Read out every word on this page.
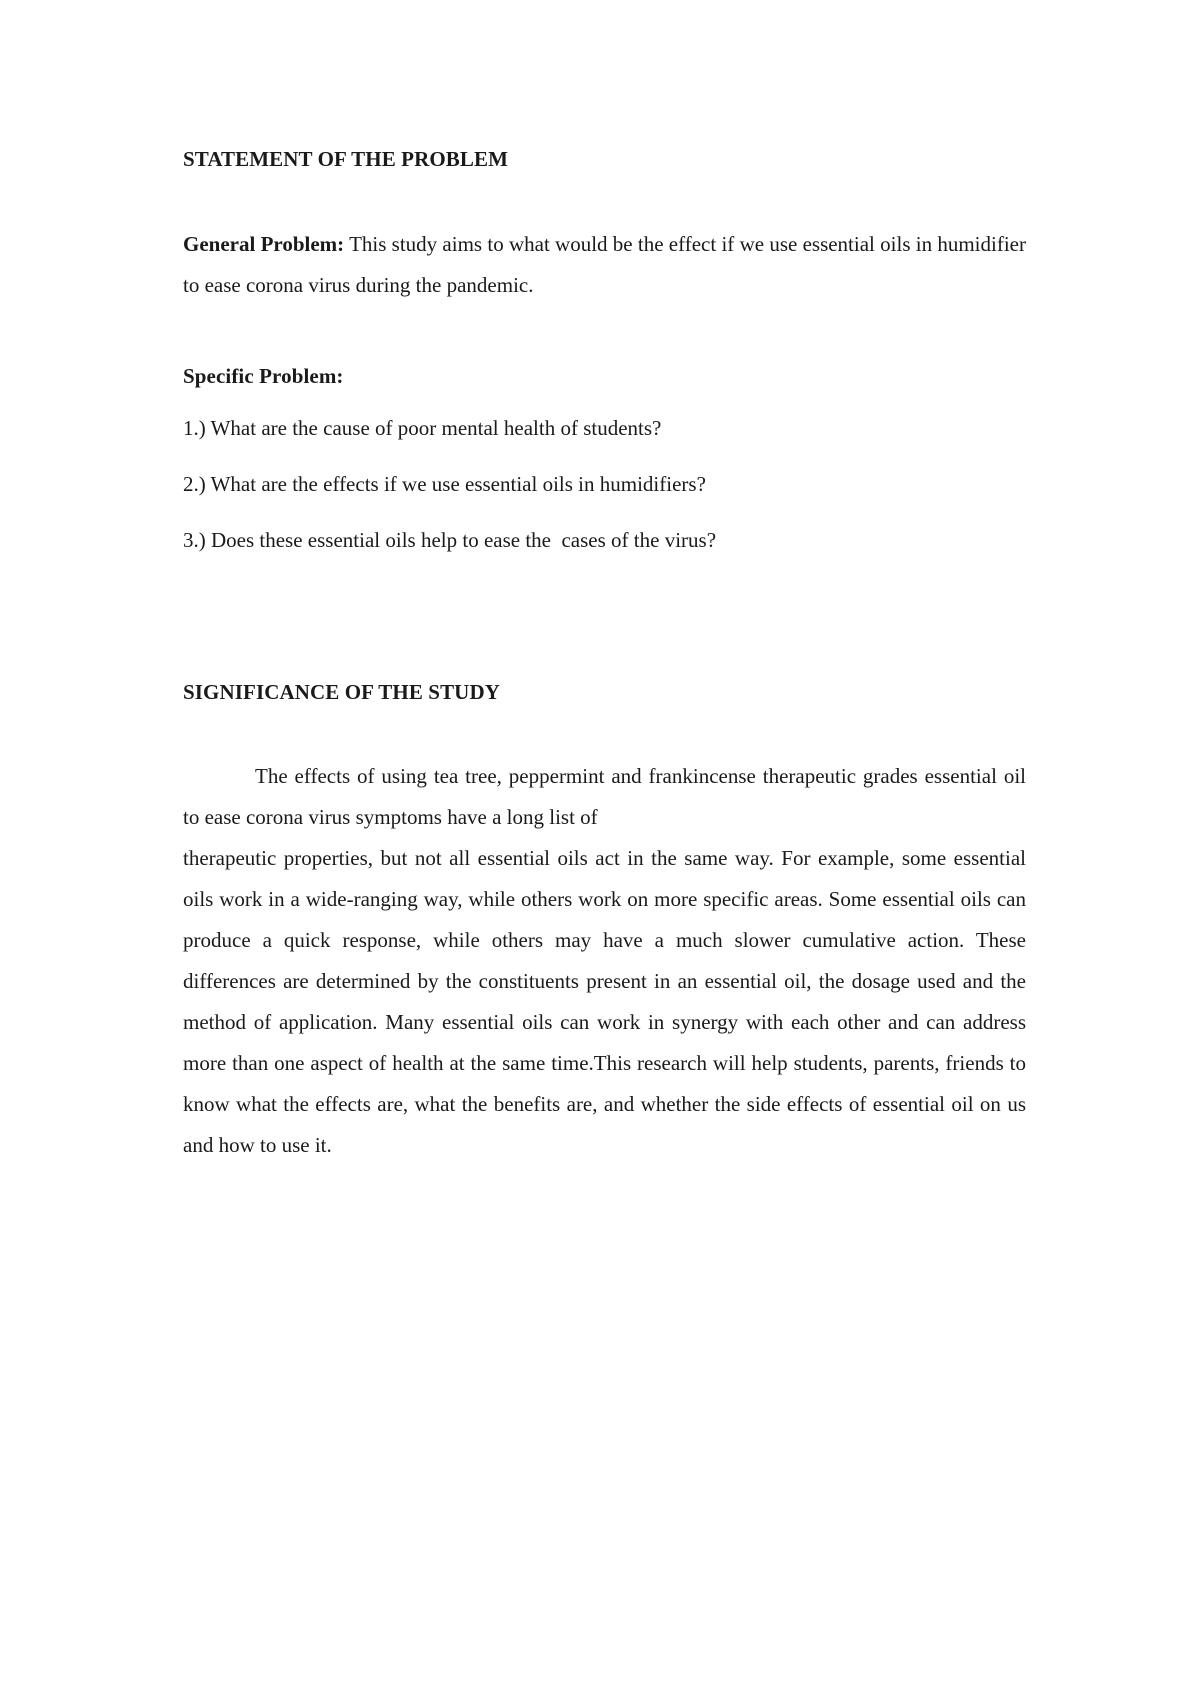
STATEMENT OF THE PROBLEM

General Problem: This study aims to what would be the effect if we use essential oils in humidifier to ease corona virus during the pandemic.

Specific Problem:

1.) What are the cause of poor mental health of students?

2.) What are the effects if we use essential oils in humidifiers?

3.) Does these essential oils help to ease the  cases of the virus?

SIGNIFICANCE OF THE STUDY

The effects of using tea tree, peppermint and frankincense therapeutic grades essential oil to ease corona virus symptoms have a long list of
therapeutic properties, but not all essential oils act in the same way. For example, some essential oils work in a wide-ranging way, while others work on more specific areas. Some essential oils can produce a quick response, while others may have a much slower cumulative action. These differences are determined by the constituents present in an essential oil, the dosage used and the method of application. Many essential oils can work in synergy with each other and can address more than one aspect of health at the same time.This research will help students, parents, friends to know what the effects are, what the benefits are, and whether the side effects of essential oil on us and how to use it.
